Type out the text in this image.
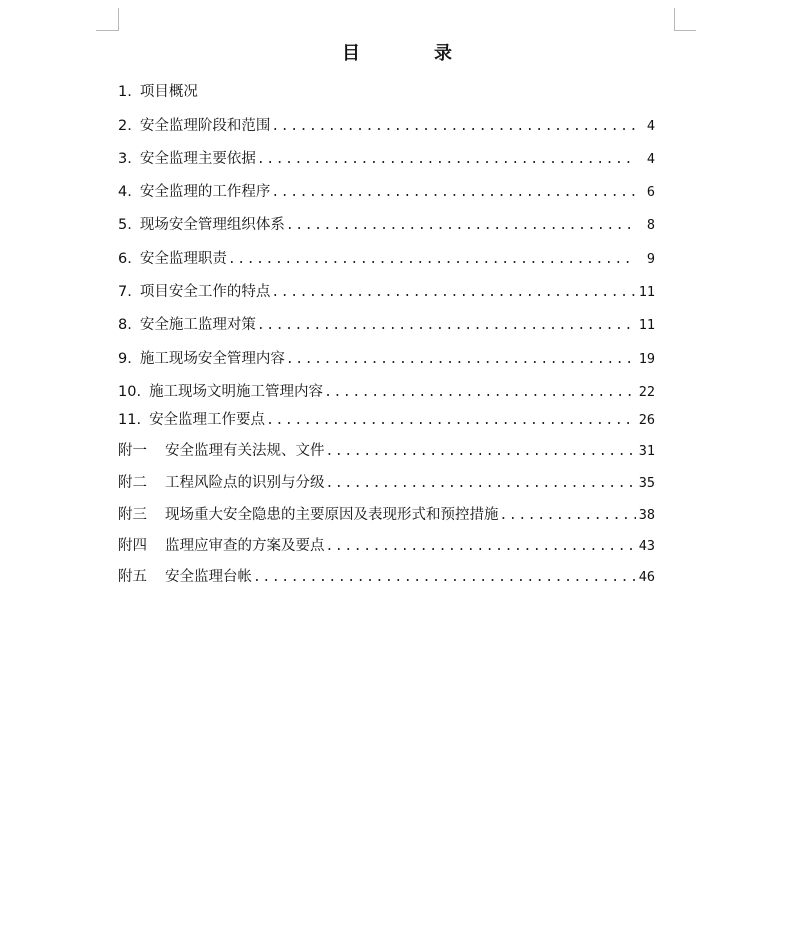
目　录
1. 项目概况
2. 安全监理阶段和范围 .....	4
3. 安全监理主要依据 .....	4
4. 安全监理的工作程序 .....	6
5. 现场安全管理组织体系 .....	8
6. 安全监理职责 .....	9
7. 项目安全工作的特点 .....	11
8. 安全施工监理对策 .....	11
9. 施工现场安全管理内容 .....	19
10. 施工现场文明施工管理内容 .....	22
11. 安全监理工作要点 .....	26
附一	安全监理有关法规、文件 .....	31
附二	工程风险点的识别与分级 .....	35
附三	现场重大安全隐患的主要原因及表现形式和预控措施 .....	38
附四	监理应审查的方案及要点 .....	43
附五	安全监理台帐 .....	46
